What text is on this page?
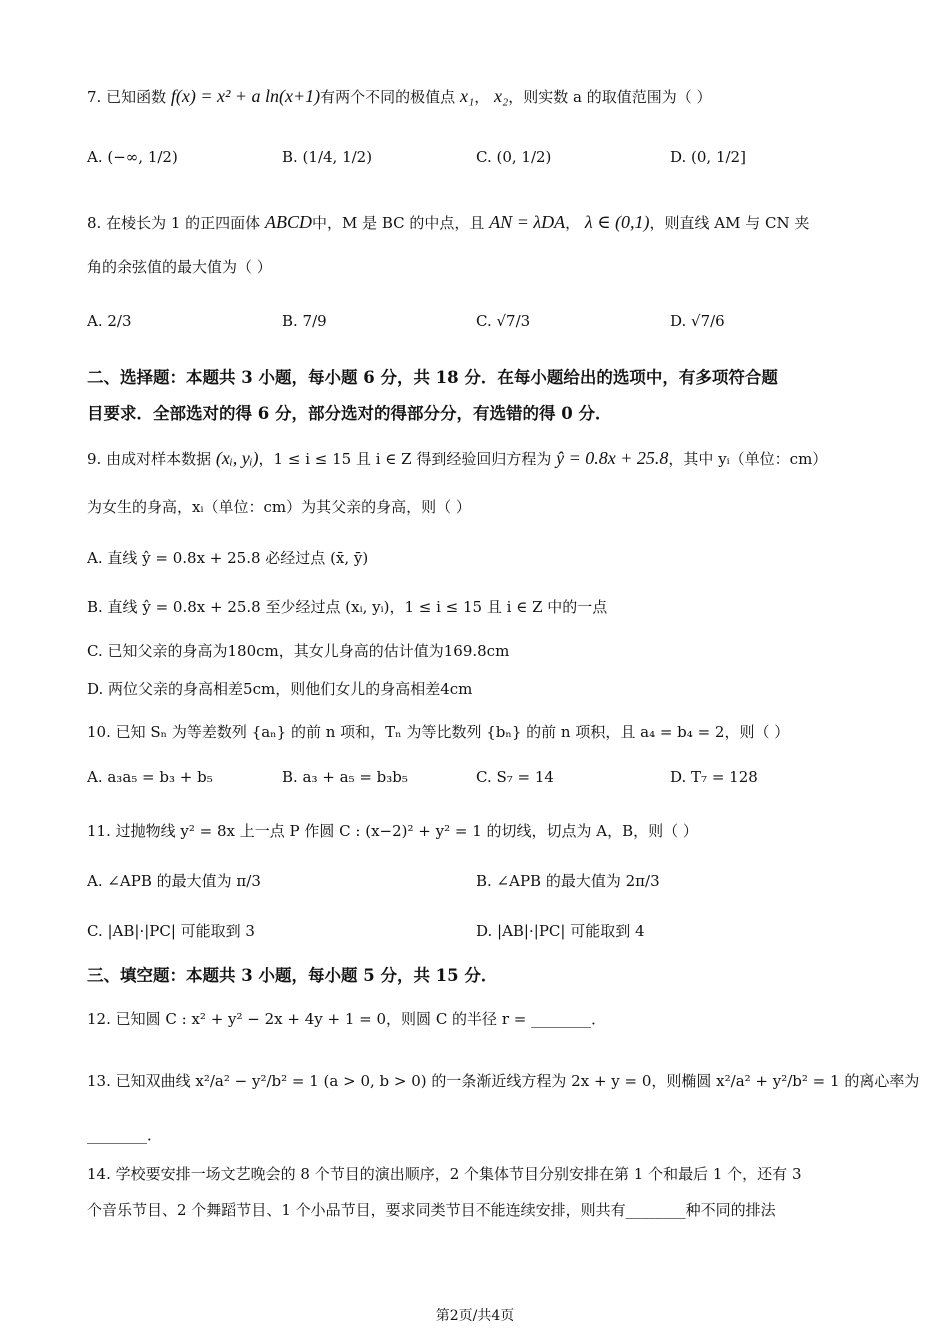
7. 已知函数 f(x) = x² + a ln(x+1)有两个不同的极值点 x₁， x₂，则实数 a 的取值范围为（ ）
A. (−∞, 1/2)	B. (1/4, 1/2)	C. (0, 1/2)	D. (0, 1/2]
8. 在棱长为 1 的正四面体 ABCD中，M 是 BC 的中点，且 AN = λDA， λ ∈ (0,1)，则直线 AM 与 CN 夹
角的余弦值的最大值为（ ）
A. 2/3	B. 7/9	C. √7/3	D. √7/6
二、选择题：本题共 3 小题，每小题 6 分，共 18 分．在每小题给出的选项中，有多项符合题
目要求．全部选对的得 6 分，部分选对的得部分分，有选错的得 0 分．
9. 由成对样本数据 (xᵢ, yᵢ)，1 ≤ i ≤ 15 且 i ∈ Z 得到经验回归方程为 ŷ = 0.8x + 25.8，其中 yᵢ（单位：cm）
为女生的身高，xᵢ（单位：cm）为其父亲的身高，则（ ）
A. 直线 ŷ = 0.8x + 25.8 必经过点 (x̄, ȳ)
B. 直线 ŷ = 0.8x + 25.8 至少经过点 (xᵢ, yᵢ)，1 ≤ i ≤ 15 且 i ∈ Z 中的一点
C. 已知父亲的身高为180cm，其女儿身高的估计值为169.8cm
D. 两位父亲的身高相差5cm，则他们女儿的身高相差4cm
10. 已知 Sₙ 为等差数列 {aₙ} 的前 n 项和，Tₙ 为等比数列 {bₙ} 的前 n 项积，且 a₄ = b₄ = 2，则（ ）
A. a₃a₅ = b₃ + b₅	B. a₃ + a₅ = b₃b₅	C. S₇ = 14	D. T₇ = 128
11. 过抛物线 y² = 8x 上一点 P 作圆 C : (x−2)² + y² = 1 的切线，切点为 A，B，则（ ）
A. ∠APB 的最大值为 π/3	B. ∠APB 的最大值为 2π/3
C. |AB|·|PC| 可能取到 3	D. |AB|·|PC| 可能取到 4
三、填空题：本题共 3 小题，每小题 5 分，共 15 分．
12. 已知圆 C : x² + y² − 2x + 4y + 1 = 0，则圆 C 的半径 r = ________．
13. 已知双曲线 x²/a² − y²/b² = 1 (a > 0, b > 0) 的一条渐近线方程为 2x + y = 0，则椭圆 x²/a² + y²/b² = 1 的离心率为
________．
14. 学校要安排一场文艺晚会的 8 个节目的演出顺序，2 个集体节目分别安排在第 1 个和最后 1 个，还有 3
个音乐节目、2 个舞蹈节目、1 个小品节目，要求同类节目不能连续安排，则共有________种不同的排法
第2页/共4页
